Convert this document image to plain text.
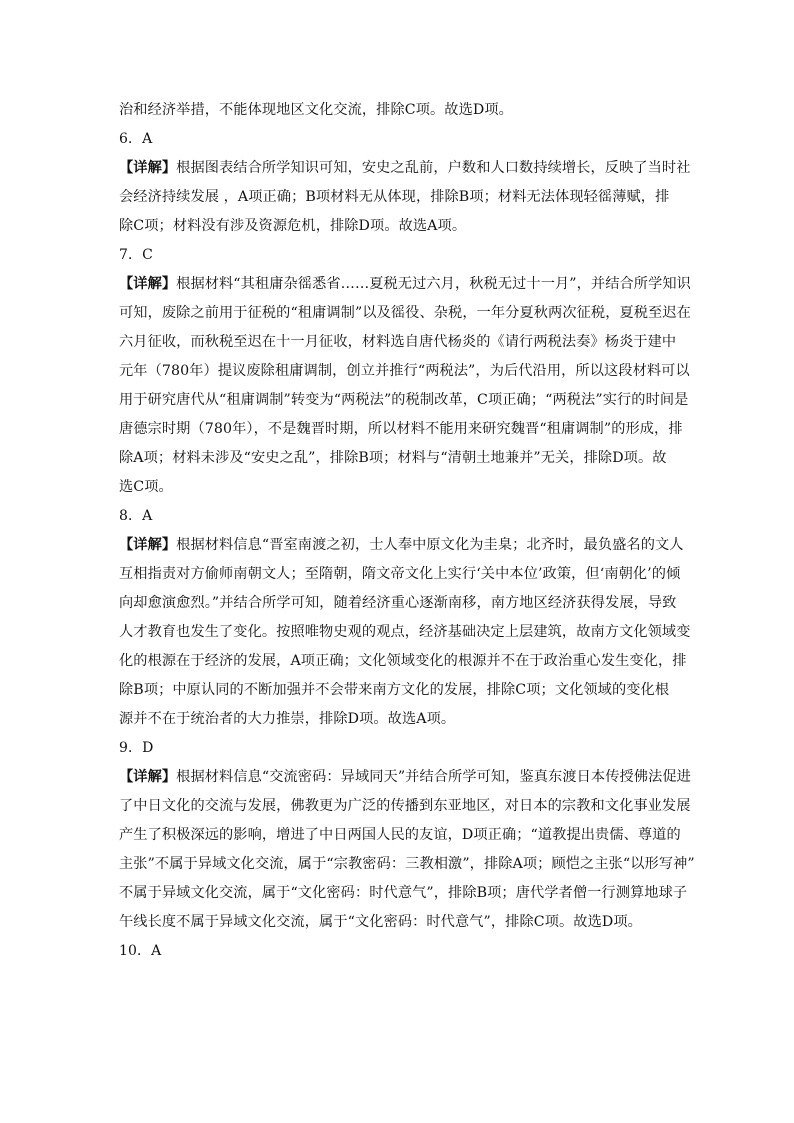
治和经济举措，不能体现地区文化交流，排除C项。故选D项。
6．A
【详解】根据图表结合所学知识可知，安史之乱前，户数和人口数持续增长，反映了当时社
会经济持续发展 ，A项正确；B项材料无从体现，排除B项；材料无法体现轻徭薄赋，排
除C项；材料没有涉及资源危机，排除D项。故选A项。
7．C
【详解】根据材料“其租庸杂徭悉省……夏税无过六月，秋税无过十一月”，并结合所学知识
可知，废除之前用于征税的“租庸调制”以及徭役、杂税，一年分夏秋两次征税，夏税至迟在
六月征收，而秋税至迟在十一月征收，材料选自唐代杨炎的《请行两税法奏》杨炎于建中
元年（780年）提议废除租庸调制，创立并推行“两税法”，为后代沿用，所以这段材料可以
用于研究唐代从“租庸调制”转变为“两税法”的税制改革，C项正确；“两税法”实行的时间是
唐德宗时期（780年），不是魏晋时期，所以材料不能用来研究魏晋“租庸调制”的形成，排
除A项；材料未涉及“安史之乱”，排除B项；材料与“清朝土地兼并”无关，排除D项。故
选C项。
8．A
【详解】根据材料信息“晋室南渡之初，士人奉中原文化为圭臬；北齐时，最负盛名的文人
互相指责对方偷师南朝文人；至隋朝，隋文帝文化上实行‘关中本位’政策，但‘南朝化’的倾
向却愈演愈烈。”并结合所学可知，随着经济重心逐渐南移，南方地区经济获得发展，导致
人才教育也发生了变化。按照唯物史观的观点，经济基础决定上层建筑，故南方文化领域变
化的根源在于经济的发展，A项正确；文化领域变化的根源并不在于政治重心发生变化，排
除B项；中原认同的不断加强并不会带来南方文化的发展，排除C项；文化领域的变化根
源并不在于统治者的大力推崇，排除D项。故选A项。
9．D
【详解】根据材料信息“交流密码：异域同天”并结合所学可知，鉴真东渡日本传授佛法促进
了中日文化的交流与发展，佛教更为广泛的传播到东亚地区，对日本的宗教和文化事业发展
产生了积极深远的影响，增进了中日两国人民的友谊，D项正确；“道教提出贵儒、尊道的
主张”不属于异域文化交流，属于“宗教密码：三教相激”，排除A项；顾恺之主张“以形写神”
不属于异域文化交流，属于“文化密码：时代意气”，排除B项；唐代学者僧一行测算地球子
午线长度不属于异域文化交流，属于“文化密码：时代意气”，排除C项。故选D项。
10．A
